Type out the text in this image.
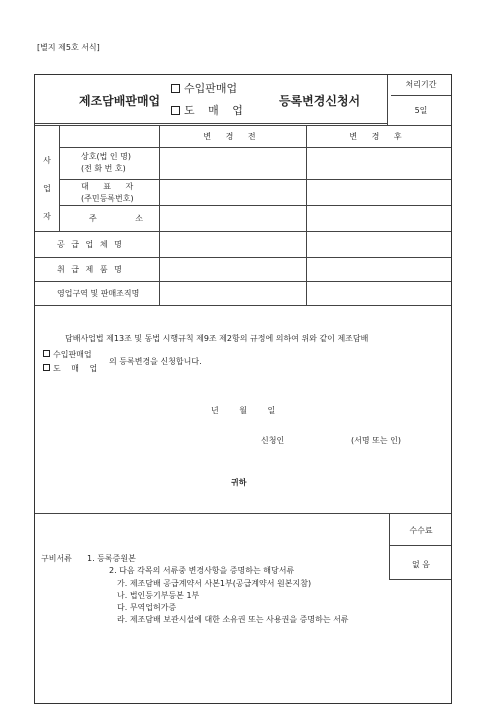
[별지 제5호 서식]
제조담배판매업
수입판매업
도 매 업
등록변경신청서
처리기간
5일
변 경 전	변 경 후
사업자
상호(법 인 명)
(전 화 번 호)
대 표 자
(주민등록번호)
주 소
공 급 업 체 명
취 급 제 품 명
영업구역 및 판매조직명
담배사업법 제13조 및 동법 시행규칙 제9조 제2항의 규정에 의하여 위와 같이 제조담배
수입판매업
도 매 업
의 등록변경을 신청합니다.
년 월 일
신청인	(서명 또는 인)
귀하
구비서류 1. 등록증원본
2. 다음 각목의 서류중 변경사항을 증명하는 해당서류
가. 제조담배 공급계약서 사본1부(공급계약서 원본지참)
나. 법인등기부등본 1부
다. 무역업허가증
라. 제조담배 보관시설에 대한 소유권 또는 사용권을 증명하는 서류
수수료
없 음
